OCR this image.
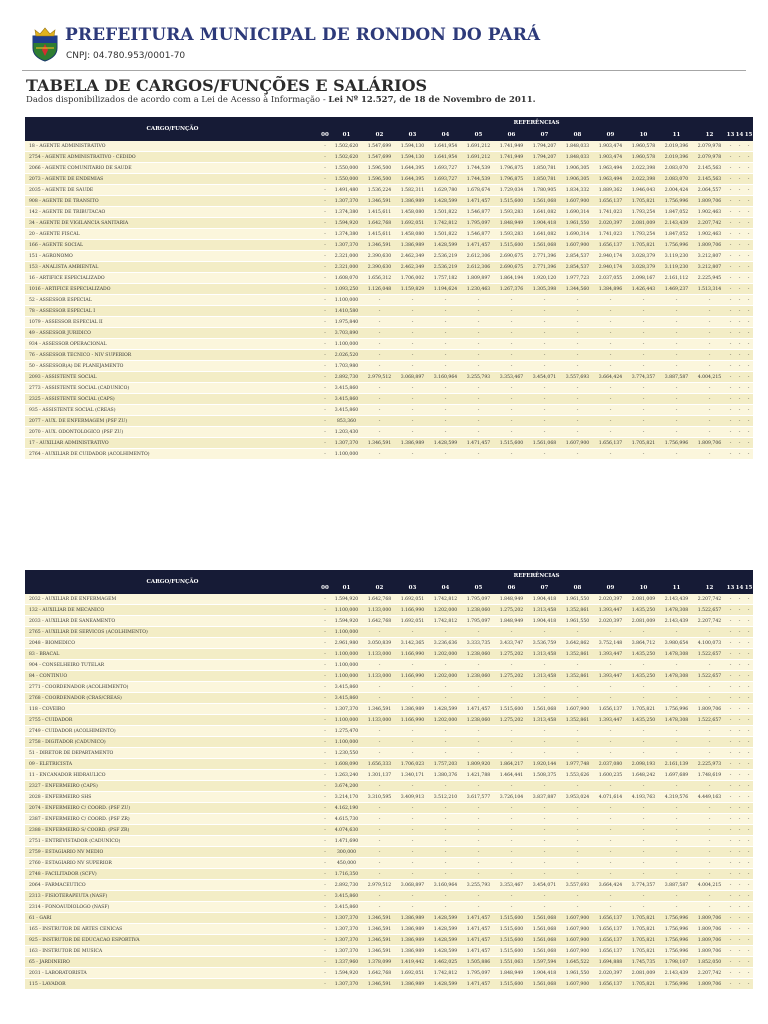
PREFEITURA MUNICIPAL DE RONDON DO PARÁ
CNPJ: 04.780.953/0001-70
TABELA DE CARGOS/FUNÇÕES E SALÁRIOS
Dados disponibilizados de acordo com a Lei de Acesso à Informação - Lei Nº 12.527, de 18 de Novembro de 2011.
CARGO/FUNÇÃO	REFERÊNCIAS															
	00	01	02	03	04	05	06	07	08	09	10	11	12	13	14	15
18 - AGENTE ADMINISTRATIVO	-	1.502,620	1.547,699	1.594,130	1.641,954	1.691,212	1.741,949	1.794,207	1.848,033	1.903,474	1.960,578	2.019,396	2.079,978	-	-	-
2754 - AGENTE ADMINISTRATIVO - CEDIDO	-	1.502,620	1.547,699	1.594,130	1.641,954	1.691,212	1.741,949	1.794,207	1.848,033	1.903,474	1.960,578	2.019,396	2.079,978	-	-	-
2066 - AGENTE COMUNITARIO DE SAUDE	-	1.550,000	1.596,500	1.644,395	1.693,727	1.744,539	1.796,875	1.850,781	1.906,305	1.963,494	2.022,398	2.083,070	2.145,563	-	-	-
2073 - AGENTE DE ENDEMIAS	-	1.550,000	1.596,500	1.644,395	1.693,727	1.744,539	1.796,875	1.850,781	1.906,305	1.963,494	2.022,398	2.083,070	2.145,563	-	-	-
2035 - AGENTE DE SAUDE	-	1.491,480	1.536,224	1.582,311	1.629,780	1.678,674	1.729,034	1.780,905	1.834,332	1.889,362	1.946,043	2.004,424	2.064,557	-	-	-
908 - AGENTE DE TRANSITO	-	1.307,370	1.346,591	1.386,989	1.428,599	1.471,457	1.515,600	1.561,068	1.607,900	1.656,137	1.705,821	1.756,996	1.809,706	-	-	-
142 - AGENTE DE TRIBUTACAO	-	1.374,380	1.415,611	1.458,080	1.501,822	1.546,877	1.593,283	1.641,082	1.690,314	1.741,023	1.793,254	1.847,052	1.902,463	-	-	-
34 - AGENTE DE VIGILANCIA SANITARIA	-	1.594,920	1.642,768	1.692,051	1.742,812	1.795,097	1.848,949	1.904,418	1.961,550	2.020,397	2.081,009	2.143,439	2.207,742	-	-	-
20 - AGENTE FISCAL	-	1.374,380	1.415,611	1.458,080	1.501,822	1.546,877	1.593,283	1.641,082	1.690,314	1.741,023	1.793,254	1.847,052	1.902,463	-	-	-
166 - AGENTE SOCIAL	-	1.307,370	1.346,591	1.386,989	1.428,599	1.471,457	1.515,600	1.561,068	1.607,900	1.656,137	1.705,821	1.756,996	1.809,706	-	-	-
151 - AGRONOMO	-	2.321,000	2.390,630	2.462,349	2.536,219	2.612,306	2.690,675	2.771,396	2.854,537	2.940,174	3.028,379	3.119,230	3.212,807	-	-	-
153 - ANALISTA AMBIENTAL	-	2.321,000	2.390,630	2.462,349	2.536,219	2.612,306	2.690,675	2.771,396	2.854,537	2.940,174	3.028,379	3.119,230	3.212,807	-	-	-
16 - ARTIFICE ESPECIALIZADO	-	1.608,070	1.656,312	1.706,002	1.757,182	1.809,897	1.864,194	1.920,120	1.977,723	2.037,055	2.098,167	2.161,112	2.225,945	-	-	-
1016 - ARTIFICE ESPECIALIZADO	-	1.093,250	1.126,048	1.159,829	1.194,624	1.230,463	1.267,376	1.305,398	1.344,560	1.384,896	1.426,443	1.469,237	1.513,314	-	-	-
52 - ASSESSOR ESPECIAL	-	1.100,000	-	-	-	-	-	-	-	-	-	-	-	-	-	-
78 - ASSESSOR ESPECIAL I	-	1.410,580	-	-	-	-	-	-	-	-	-	-	-	-	-	-
1079 - ASSESSOR ESPECIAL II	-	1.975,840	-	-	-	-	-	-	-	-	-	-	-	-	-	-
49 - ASSESSOR JURIDICO	-	3.703,890	-	-	-	-	-	-	-	-	-	-	-	-	-	-
934 - ASSESSOR OPERACIONAL	-	1.100,000	-	-	-	-	-	-	-	-	-	-	-	-	-	-
76 - ASSESSOR TECNICO - NIV SUPERIOR	-	2.026,520	-	-	-	-	-	-	-	-	-	-	-	-	-	-
50 - ASSESSOR(A) DE PLANEJAMENTO	-	1.703,980	-	-	-	-	-	-	-	-	-	-	-	-	-	-
2093 - ASSISTENTE SOCIAL	-	2.892,730	2.979,512	3.068,897	3.160,964	3.255,793	3.353,467	3.454,071	3.557,693	3.664,424	3.774,357	3.887,587	4.004,215	-	-	-
2773 - ASSISTENTE SOCIAL (CADUNICO)	-	3.415,860	-	-	-	-	-	-	-	-	-	-	-	-	-	-
2325 - ASSISTENTE SOCIAL (CAPS)	-	3.415,860	-	-	-	-	-	-	-	-	-	-	-	-	-	-
935 - ASSISTENTE SOCIAL (CREAS)	-	3.415,860	-	-	-	-	-	-	-	-	-	-	-	-	-	-
2077 - AUX. DE ENFERMAGEM (PSF ZU)	-	853,360	-	-	-	-	-	-	-	-	-	-	-	-	-	-
2070 - AUX. ODONTOLOGICO (PSF ZU)	-	1.203,430	-	-	-	-	-	-	-	-	-	-	-	-	-	-
17 - AUXILIAR ADMINISTRATIVO	-	1.307,370	1.346,591	1.386,989	1.428,599	1.471,457	1.515,600	1.561,068	1.607,900	1.656,137	1.705,821	1.756,996	1.809,706	-	-	-
2764 - AUXILIAR DE CUIDADOR (ACOLHIMENTO)	-	1.100,000	-	-	-	-	-	-	-	-	-	-	-	-	-	-
CARGO/FUNÇÃO	REFERÊNCIAS															
	00	01	02	03	04	05	06	07	08	09	10	11	12	13	14	15
2032 - AUXILIAR DE ENFERMAGEM	-	1.594,920	1.642,768	1.692,051	1.742,812	1.795,097	1.848,949	1.904,418	1.961,550	2.020,397	2.081,009	2.143,439	2.207,742	-	-	-
132 - AUXILIAR DE MECANICO	-	1.100,000	1.133,000	1.166,990	1.202,000	1.238,060	1.275,202	1.313,458	1.352,861	1.393,447	1.435,250	1.478,308	1.522,657	-	-	-
2033 - AUXILIAR DE SANEAMENTO	-	1.594,920	1.642,768	1.692,051	1.742,812	1.795,097	1.848,949	1.904,418	1.961,550	2.020,397	2.081,009	2.143,439	2.207,742	-	-	-
2765 - AUXILIAR DE SERVICOS (ACOLHIMENTO)	-	1.100,000	-	-	-	-	-	-	-	-	-	-	-	-	-	-
2048 - BIOMEDICO	-	2.961,980	3.050,839	3.142,365	3.236,636	3.333,735	3.433,747	3.536,759	3.642,862	3.752,148	3.864,712	3.980,654	4.100,073	-	-	-
83 - BRACAL	-	1.100,000	1.133,000	1.166,990	1.202,000	1.238,060	1.275,202	1.313,458	1.352,861	1.393,447	1.435,250	1.478,308	1.522,657	-	-	-
904 - CONSELHEIRO TUTELAR	-	1.100,000	-	-	-	-	-	-	-	-	-	-	-	-	-	-
84 - CONTINUO	-	1.100,000	1.133,000	1.166,990	1.202,000	1.238,060	1.275,202	1.313,458	1.352,861	1.393,447	1.435,250	1.478,308	1.522,657	-	-	-
2771 - COORDENADOR (ACOLHIMENTO)	-	3.415,860	-	-	-	-	-	-	-	-	-	-	-	-	-	-
2768 - COORDENADOR (CRAS/CREAS)	-	3.415,860	-	-	-	-	-	-	-	-	-	-	-	-	-	-
118 - COVEIRO	-	1.307,370	1.346,591	1.386,989	1.428,599	1.471,457	1.515,600	1.561,068	1.607,900	1.656,137	1.705,821	1.756,996	1.809,706	-	-	-
2755 - CUIDADOR	-	1.100,000	1.133,000	1.166,990	1.202,000	1.238,060	1.275,202	1.313,458	1.352,861	1.393,447	1.435,250	1.478,308	1.522,657	-	-	-
2749 - CUIDADOR (ACOLHIMENTO)	-	1.275,470	-	-	-	-	-	-	-	-	-	-	-	-	-	-
2758 - DIGITADOR (CADUNICO)	-	1.100,000	-	-	-	-	-	-	-	-	-	-	-	-	-	-
51 - DIRETOR DE DEPARTAMENTO	-	1.230,550	-	-	-	-	-	-	-	-	-	-	-	-	-	-
09 - ELETRICISTA	-	1.608,090	1.656,333	1.706,023	1.757,203	1.809,920	1.864,217	1.920,144	1.977,748	2.037,080	2.098,193	2.161,139	2.225,973	-	-	-
11 - ENCANADOR HIDRAULICO	-	1.263,240	1.301,137	1.340,171	1.380,376	1.421,788	1.464,441	1.508,375	1.553,626	1.600,235	1.648,242	1.697,689	1.748,619	-	-	-
2327 - ENFERMEIRO (CAPS)	-	3.674,200	-	-	-	-	-	-	-	-	-	-	-	-	-	-
2028 - ENFERMEIRO SHS	-	3.214,170	3.310,595	3.409,913	3.512,210	3.617,577	3.726,104	3.837,887	3.953,024	4.071,614	4.193,763	4.319,576	4.449,163	-	-	-
2074 - ENFERMEIRO C/ COORD. (PSF ZU)	-	4.162,190	-	-	-	-	-	-	-	-	-	-	-	-	-	-
2387 - ENFERMEIRO C/ COORD. (PSF ZR)	-	4.615,730	-	-	-	-	-	-	-	-	-	-	-	-	-	-
2388 - ENFERMEIRO S/ COORD. (PSF ZR)	-	4.074,630	-	-	-	-	-	-	-	-	-	-	-	-	-	-
2751 - ENTREVISTADOR (CADUNICO)	-	1.471,690	-	-	-	-	-	-	-	-	-	-	-	-	-	-
2759 - ESTAGIARIO NV MEDIO	-	300,000	-	-	-	-	-	-	-	-	-	-	-	-	-	-
2760 - ESTAGIARIO NV SUPERIOR	-	450,000	-	-	-	-	-	-	-	-	-	-	-	-	-	-
2748 - FACILITADOR (SCFV)	-	1.716,350	-	-	-	-	-	-	-	-	-	-	-	-	-	-
2064 - FARMACEUTICO	-	2.892,730	2.979,512	3.068,897	3.160,964	3.255,793	3.353,467	3.454,071	3.557,693	3.664,424	3.774,357	3.887,587	4.004,215	-	-	-
2313 - FISIOTERAPEUTA (NASF)	-	3.415,860	-	-	-	-	-	-	-	-	-	-	-	-	-	-
2314 - FONOAUDIOLOGO (NASF)	-	3.415,860	-	-	-	-	-	-	-	-	-	-	-	-	-	-
61 - GARI	-	1.307,370	1.346,591	1.386,989	1.428,599	1.471,457	1.515,600	1.561,068	1.607,900	1.656,137	1.705,821	1.756,996	1.809,706	-	-	-
165 - INSTRUTOR DE ARTES CENICAS	-	1.307,370	1.346,591	1.386,989	1.428,599	1.471,457	1.515,600	1.561,068	1.607,900	1.656,137	1.705,821	1.756,996	1.809,706	-	-	-
925 - INSTRUTOR DE EDUCACAO ESPORTIVA	-	1.307,370	1.346,591	1.386,989	1.428,599	1.471,457	1.515,600	1.561,068	1.607,900	1.656,137	1.705,821	1.756,996	1.809,706	-	-	-
163 - INSTRUTOR DE MUSICA	-	1.307,370	1.346,591	1.386,989	1.428,599	1.471,457	1.515,600	1.561,068	1.607,900	1.656,137	1.705,821	1.756,996	1.809,706	-	-	-
65 - JARDINEIRO	-	1.337,960	1.378,099	1.419,442	1.462,025	1.505,886	1.551,063	1.597,594	1.645,522	1.694,888	1.745,735	1.798,107	1.852,050	-	-	-
2031 - LABORATORISTA	-	1.594,920	1.642,768	1.692,051	1.742,812	1.795,097	1.848,949	1.904,418	1.961,550	2.020,397	2.081,009	2.143,439	2.207,742	-	-	-
115 - LAVADOR	-	1.307,370	1.346,591	1.386,989	1.428,599	1.471,457	1.515,600	1.561,068	1.607,900	1.656,137	1.705,821	1.756,996	1.809,706	-	-	-
